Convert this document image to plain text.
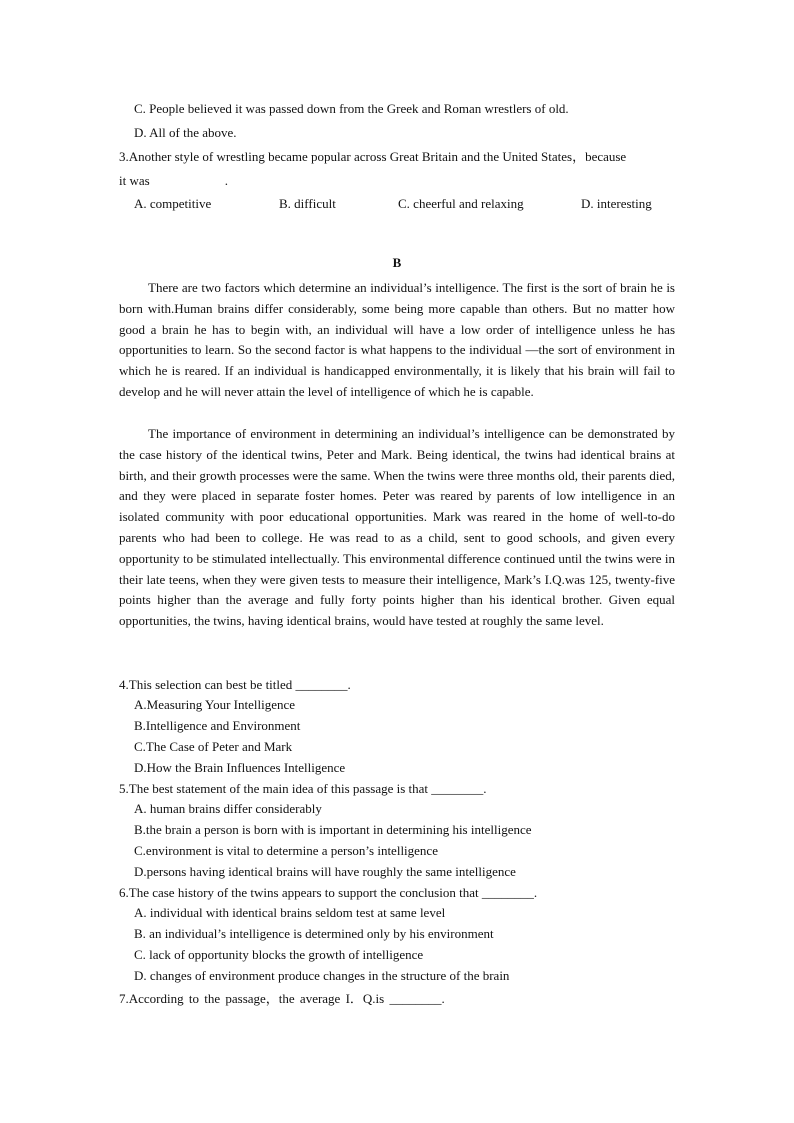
C. People believed it was passed down from the Greek and Roman wrestlers of old.
D. All of the above.
3.Another style of wrestling became popular across Great Britain and the United States，because
it was	.
A. competitive	B. difficult	C. cheerful and relaxing	D. interesting
B

There are two factors which determine an individual’s intelligence. The first is the sort of brain he is born with.Human brains differ considerably, some being more capable than others. But no matter how good a brain he has to begin with, an individual will have a low order of intelligence unless he has opportunities to learn. So the second factor is what happens to the individual —the sort of environment in which he is reared. If an individual is handicapped environmentally, it is likely that his brain will fail to develop and he will never attain the level of intelligence of which he is capable.

The importance of environment in determining an individual’s intelligence can be demonstrated by the case history of the identical twins, Peter and Mark. Being identical, the twins had identical brains at birth, and their growth processes were the same. When the twins were three months old, their parents died, and they were placed in separate foster homes. Peter was reared by parents of low intelligence in an isolated community with poor educational opportunities. Mark was reared in the home of well-to-do parents who had been to college. He was read to as a child, sent to good schools, and given every opportunity to be stimulated intellectually. This environmental difference continued until the twins were in their late teens, when they were given tests to measure their intelligence, Mark’s I.Q.was 125, twenty-five points higher than the average and fully forty points higher than his identical brother. Given equal opportunities, the twins, having identical brains, would have tested at roughly the same level.

4.This selection can best be titled ________.
A.Measuring Your Intelligence
B.Intelligence and Environment
C.The Case of Peter and Mark
D.How the Brain Influences Intelligence
5.The best statement of the main idea of this passage is that ________.
A. human brains differ considerably
B.the brain a person is born with is important in determining his intelligence
C.environment is vital to determine a person’s intelligence
D.persons having identical brains will have roughly the same intelligence
6.The case history of the twins appears to support the conclusion that ________.
A. individual with identical brains seldom test at same level
B. an individual’s intelligence is determined only by his environment
C. lack of opportunity blocks the growth of intelligence
D. changes of environment produce changes in the structure of the brain
7.According to the passage，the average I．Q.is ________.
